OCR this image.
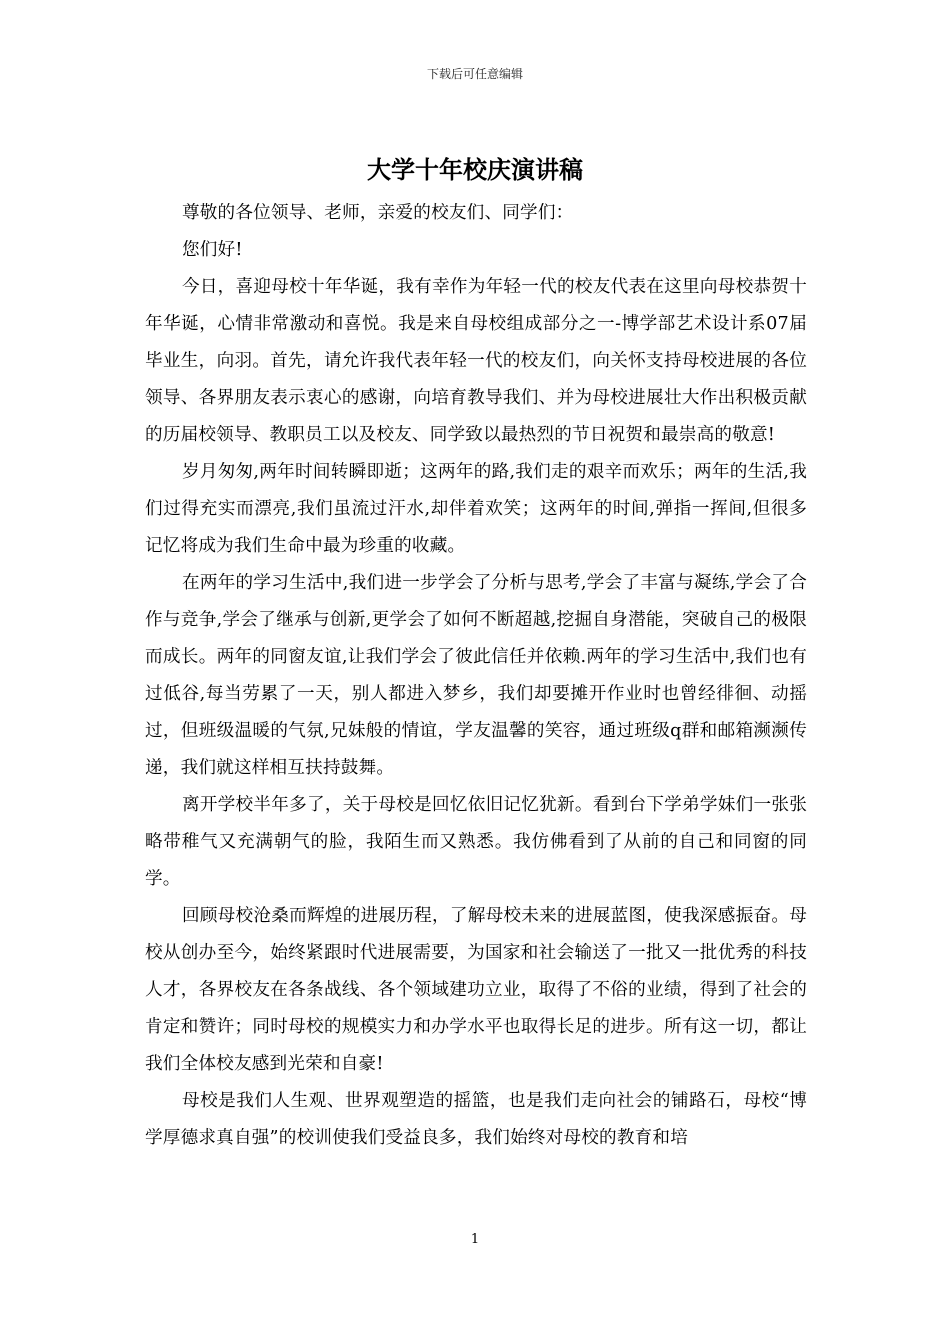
下载后可任意编辑
大学十年校庆演讲稿

尊敬的各位领导、老师，亲爱的校友们、同学们：

您们好!

今日，喜迎母校十年华诞，我有幸作为年轻一代的校友代表在这里向母校恭贺十年华诞，心情非常激动和喜悦。我是来自母校组成部分之一-博学部艺术设计系07届毕业生，向羽。首先，请允许我代表年轻一代的校友们，向关怀支持母校进展的各位领导、各界朋友表示衷心的感谢，向培育教导我们、并为母校进展壮大作出积极贡献的历届校领导、教职员工以及校友、同学致以最热烈的节日祝贺和最崇高的敬意!

岁月匆匆,两年时间转瞬即逝；这两年的路,我们走的艰辛而欢乐；两年的生活,我们过得充实而漂亮,我们虽流过汗水,却伴着欢笑；这两年的时间,弹指一挥间,但很多记忆将成为我们生命中最为珍重的收藏。

在两年的学习生活中,我们进一步学会了分析与思考,学会了丰富与凝练,学会了合作与竞争,学会了继承与创新,更学会了如何不断超越,挖掘自身潜能，突破自己的极限而成长。两年的同窗友谊,让我们学会了彼此信任并依赖.两年的学习生活中,我们也有过低谷,每当劳累了一天，别人都进入梦乡，我们却要摊开作业时也曾经徘徊、动摇过，但班级温暖的气氛,兄妹般的情谊，学友温馨的笑容，通过班级q群和邮箱濒濒传递，我们就这样相互扶持鼓舞。

离开学校半年多了，关于母校是回忆依旧记忆犹新。看到台下学弟学妹们一张张略带稚气又充满朝气的脸，我陌生而又熟悉。我仿佛看到了从前的自己和同窗的同学。

回顾母校沧桑而辉煌的进展历程，了解母校未来的进展蓝图，使我深感振奋。母校从创办至今，始终紧跟时代进展需要，为国家和社会输送了一批又一批优秀的科技人才，各界校友在各条战线、各个领域建功立业，取得了不俗的业绩，得到了社会的肯定和赞许；同时母校的规模实力和办学水平也取得长足的进步。所有这一切，都让我们全体校友感到光荣和自豪!

母校是我们人生观、世界观塑造的摇篮，也是我们走向社会的铺路石，母校“博学厚德求真自强”的校训使我们受益良多，我们始终对母校的教育和培

1
